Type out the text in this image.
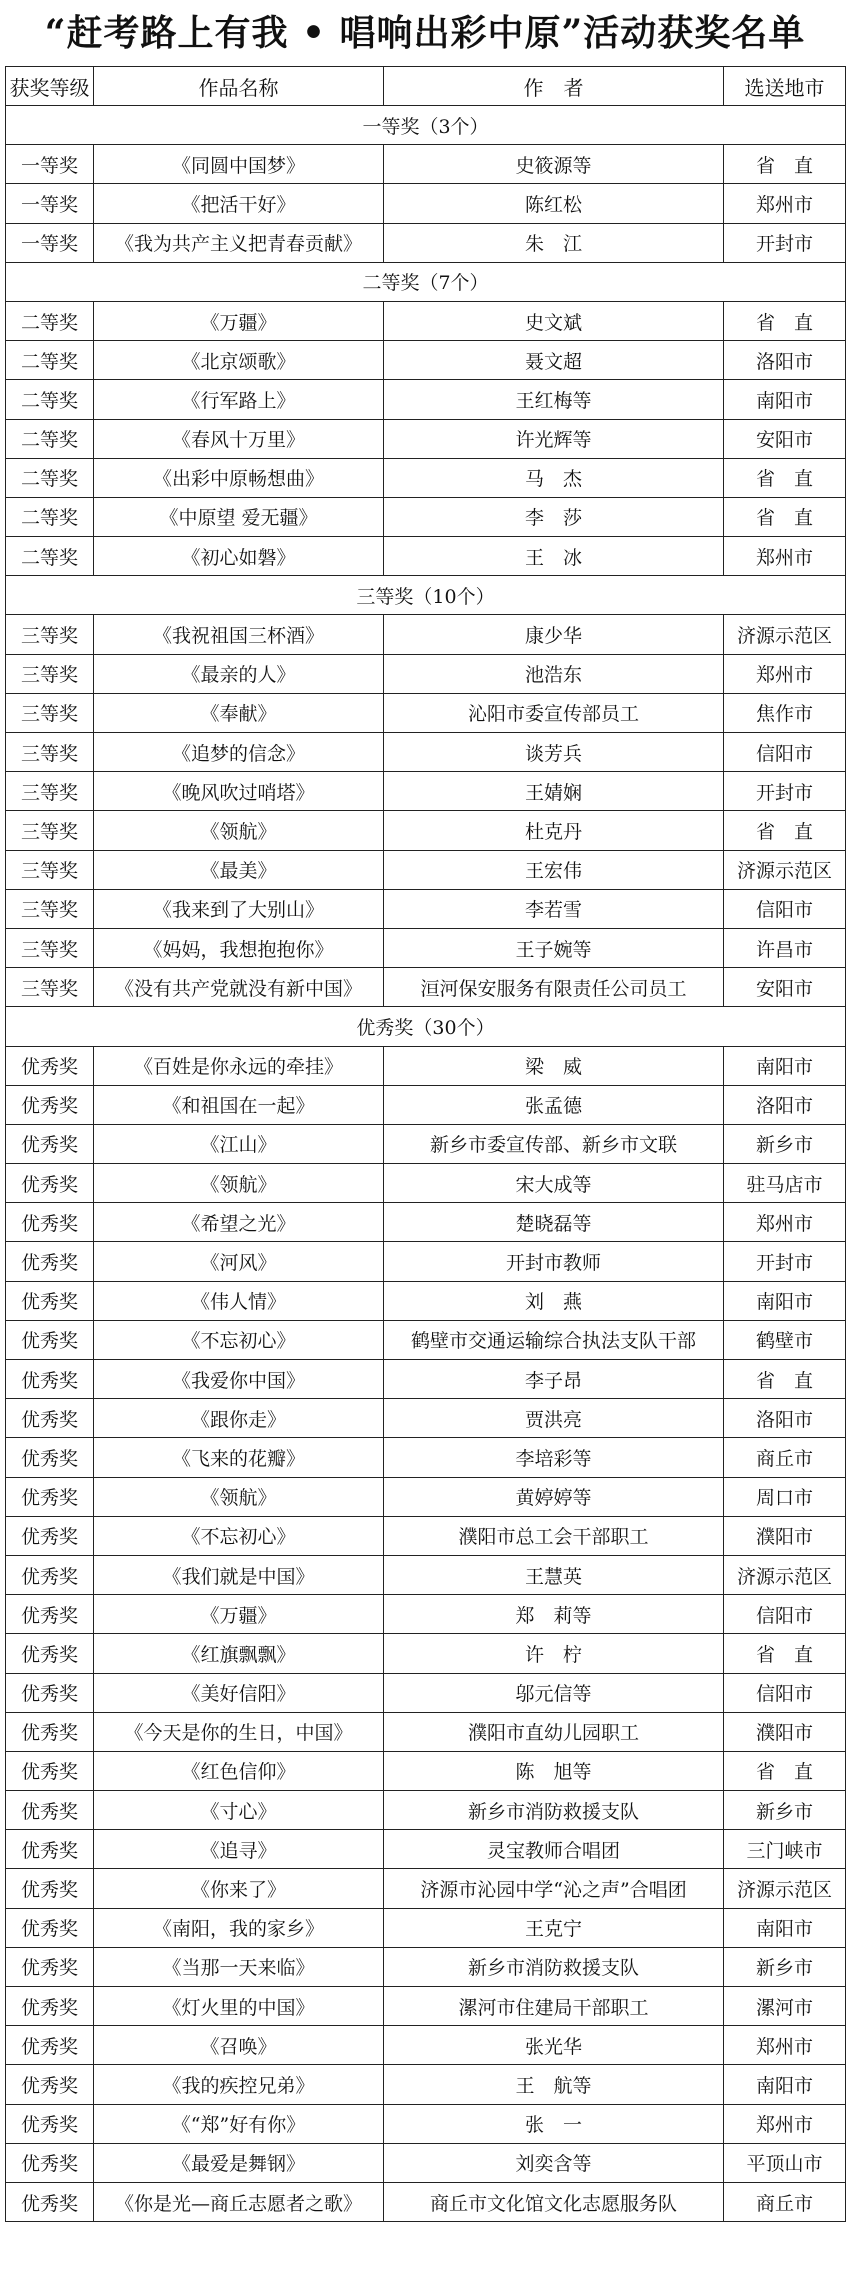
“赶考路上有我 • 唱响出彩中原”活动获奖名单
获奖等级	作品名称	作　者	选送地市
一等奖（3个）			
一等奖	《同圆中国梦》	史筱源等	省　直
一等奖	《把活干好》	陈红松	郑州市
一等奖	《我为共产主义把青春贡献》	朱　江	开封市
二等奖（7个）			
二等奖	《万疆》	史文斌	省　直
二等奖	《北京颂歌》	聂文超	洛阳市
二等奖	《行军路上》	王红梅等	南阳市
二等奖	《春风十万里》	许光辉等	安阳市
二等奖	《出彩中原畅想曲》	马　杰	省　直
二等奖	《中原望 爱无疆》	李　莎	省　直
二等奖	《初心如磐》	王　冰	郑州市
三等奖（10个）			
三等奖	《我祝祖国三杯酒》	康少华	济源示范区
三等奖	《最亲的人》	池浩东	郑州市
三等奖	《奉献》	沁阳市委宣传部员工	焦作市
三等奖	《追梦的信念》	谈芳兵	信阳市
三等奖	《晚风吹过哨塔》	王婧娴	开封市
三等奖	《领航》	杜克丹	省　直
三等奖	《最美》	王宏伟	济源示范区
三等奖	《我来到了大别山》	李若雪	信阳市
三等奖	《妈妈，我想抱抱你》	王子婉等	许昌市
三等奖	《没有共产党就没有新中国》	洹河保安服务有限责任公司员工	安阳市
优秀奖（30个）			
优秀奖	《百姓是你永远的牵挂》	梁　威	南阳市
优秀奖	《和祖国在一起》	张孟德	洛阳市
优秀奖	《江山》	新乡市委宣传部、新乡市文联	新乡市
优秀奖	《领航》	宋大成等	驻马店市
优秀奖	《希望之光》	楚晓磊等	郑州市
优秀奖	《河风》	开封市教师	开封市
优秀奖	《伟人情》	刘　燕	南阳市
优秀奖	《不忘初心》	鹤壁市交通运输综合执法支队干部	鹤壁市
优秀奖	《我爱你中国》	李子昂	省　直
优秀奖	《跟你走》	贾洪亮	洛阳市
优秀奖	《飞来的花瓣》	李培彩等	商丘市
优秀奖	《领航》	黄婷婷等	周口市
优秀奖	《不忘初心》	濮阳市总工会干部职工	濮阳市
优秀奖	《我们就是中国》	王慧英	济源示范区
优秀奖	《万疆》	郑　莉等	信阳市
优秀奖	《红旗飘飘》	许　柠	省　直
优秀奖	《美好信阳》	邬元信等	信阳市
优秀奖	《今天是你的生日，中国》	濮阳市直幼儿园职工	濮阳市
优秀奖	《红色信仰》	陈　旭等	省　直
优秀奖	《寸心》	新乡市消防救援支队	新乡市
优秀奖	《追寻》	灵宝教师合唱团	三门峡市
优秀奖	《你来了》	济源市沁园中学“沁之声”合唱团	济源示范区
优秀奖	《南阳，我的家乡》	王克宁	南阳市
优秀奖	《当那一天来临》	新乡市消防救援支队	新乡市
优秀奖	《灯火里的中国》	漯河市住建局干部职工	漯河市
优秀奖	《召唤》	张光华	郑州市
优秀奖	《我的疾控兄弟》	王　航等	南阳市
优秀奖	《“郑”好有你》	张　一	郑州市
优秀奖	《最爱是舞钢》	刘奕含等	平顶山市
优秀奖	《你是光—商丘志愿者之歌》	商丘市文化馆文化志愿服务队	商丘市
